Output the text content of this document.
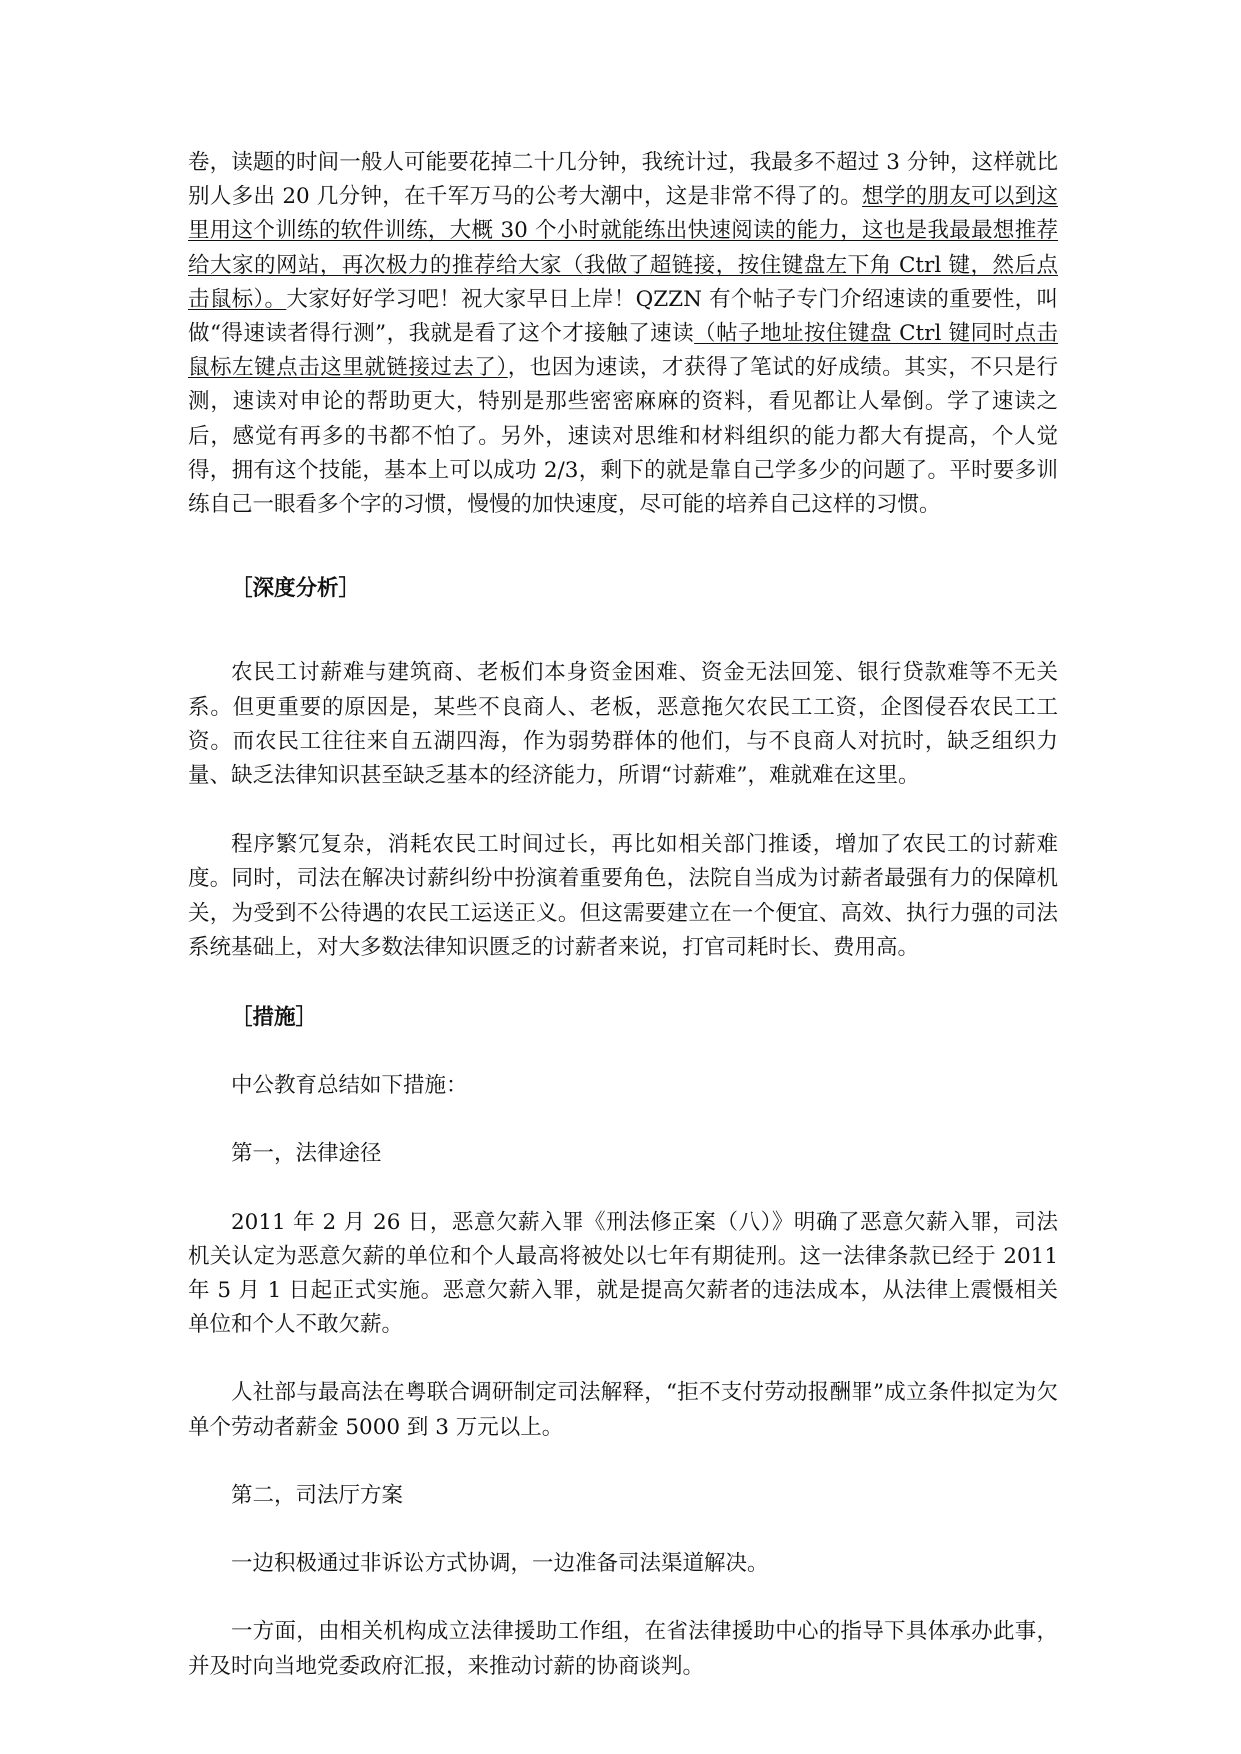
卷，读题的时间一般人可能要花掉二十几分钟，我统计过，我最多不超过 3 分钟，这样就比别人多出 20 几分钟，在千军万马的公考大潮中，这是非常不得了的。想学的朋友可以到这里用这个训练的软件训练，大概 30 个小时就能练出快速阅读的能力，这也是我最最想推荐给大家的网站，再次极力的推荐给大家（我做了超链接，按住键盘左下角 Ctrl 键，然后点击鼠标）。大家好好学习吧！祝大家早日上岸！QZZN 有个帖子专门介绍速读的重要性，叫做“得速读者得行测”，我就是看了这个才接触了速读（帖子地址按住键盘 Ctrl 键同时点击鼠标左键点击这里就链接过去了），也因为速读，才获得了笔试的好成绩。其实，不只是行测，速读对申论的帮助更大，特别是那些密密麻麻的资料，看见都让人晕倒。学了速读之后，感觉有再多的书都不怕了。另外，速读对思维和材料组织的能力都大有提高，个人觉得，拥有这个技能，基本上可以成功 2/3，剩下的就是靠自己学多少的问题了。平时要多训练自己一眼看多个字的习惯，慢慢的加快速度，尽可能的培养自己这样的习惯。

［深度分析］

农民工讨薪难与建筑商、老板们本身资金困难、资金无法回笼、银行贷款难等不无关系。但更重要的原因是，某些不良商人、老板，恶意拖欠农民工工资，企图侵吞农民工工资。而农民工往往来自五湖四海，作为弱势群体的他们，与不良商人对抗时，缺乏组织力量、缺乏法律知识甚至缺乏基本的经济能力，所谓“讨薪难”，难就难在这里。

程序繁冗复杂，消耗农民工时间过长，再比如相关部门推诿，增加了农民工的讨薪难度。同时，司法在解决讨薪纠纷中扮演着重要角色，法院自当成为讨薪者最强有力的保障机关，为受到不公待遇的农民工运送正义。但这需要建立在一个便宜、高效、执行力强的司法系统基础上，对大多数法律知识匮乏的讨薪者来说，打官司耗时长、费用高。

［措施］

中公教育总结如下措施：

第一，法律途径

2011 年 2 月 26 日，恶意欠薪入罪《刑法修正案（八）》明确了恶意欠薪入罪，司法机关认定为恶意欠薪的单位和个人最高将被处以七年有期徒刑。这一法律条款已经于 2011 年 5 月 1 日起正式实施。恶意欠薪入罪，就是提高欠薪者的违法成本，从法律上震慑相关单位和个人不敢欠薪。

人社部与最高法在粤联合调研制定司法解释，“拒不支付劳动报酬罪”成立条件拟定为欠单个劳动者薪金 5000 到 3 万元以上。

第二，司法厅方案

一边积极通过非诉讼方式协调，一边准备司法渠道解决。

一方面，由相关机构成立法律援助工作组，在省法律援助中心的指导下具体承办此事，并及时向当地党委政府汇报，来推动讨薪的协商谈判。
